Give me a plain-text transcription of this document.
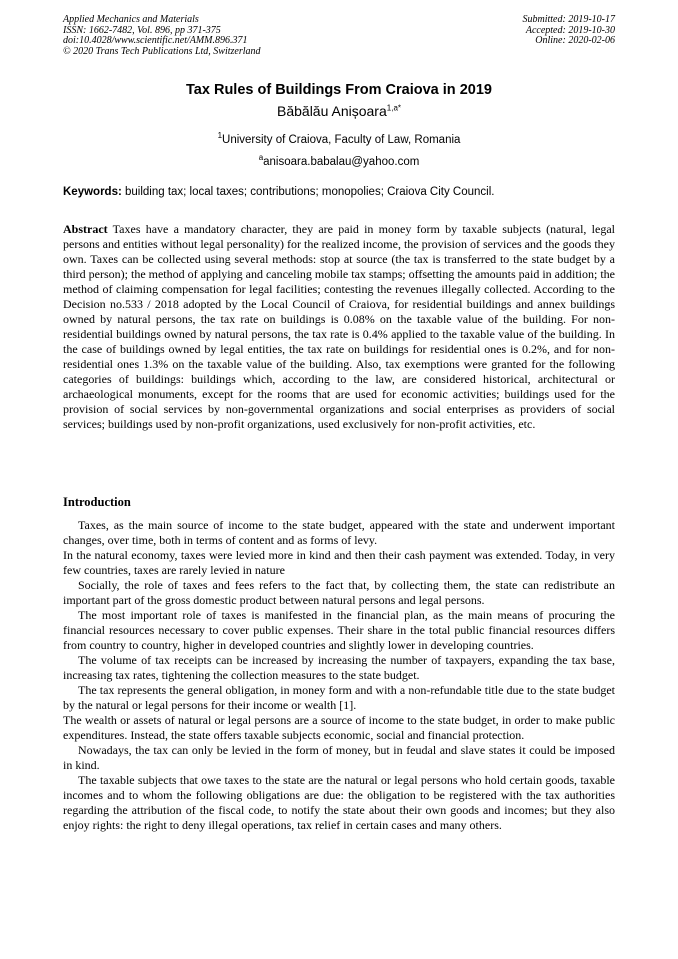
Applied Mechanics and Materials
ISSN: 1662-7482, Vol. 896, pp 371-375
doi:10.4028/www.scientific.net/AMM.896.371
© 2020 Trans Tech Publications Ltd, Switzerland
Submitted: 2019-10-17
Accepted: 2019-10-30
Online: 2020-02-06
Tax Rules of Buildings From Craiova in 2019
Băbălău Anișoara$^{1,a*}$
$^1$University of Craiova, Faculty of Law, Romania
$^a$anisoara.babalau@yahoo.com
Keywords: building tax; local taxes; contributions; monopolies; Craiova City Council.
Abstract Taxes have a mandatory character, they are paid in money form by taxable subjects (natural, legal persons and entities without legal personality) for the realized income, the provision of services and the goods they own. Taxes can be collected using several methods: stop at source (the tax is transferred to the state budget by a third person); the method of applying and canceling mobile tax stamps; offsetting the amounts paid in addition; the method of claiming compensation for legal facilities; contesting the revenues illegally collected. According to the Decision no.533 / 2018 adopted by the Local Council of Craiova, for residential buildings and annex buildings owned by natural persons, the tax rate on buildings is 0.08% on the taxable value of the building. For non-residential buildings owned by natural persons, the tax rate is 0.4% applied to the taxable value of the building. In the case of buildings owned by legal entities, the tax rate on buildings for residential ones is 0.2%, and for non-residential ones 1.3% on the taxable value of the building. Also, tax exemptions were granted for the following categories of buildings: buildings which, according to the law, are considered historical, architectural or archaeological monuments, except for the rooms that are used for economic activities; buildings used for the provision of social services by non-governmental organizations and social enterprises as providers of social services; buildings used by non-profit organizations, used exclusively for non-profit activities, etc.
Introduction

Taxes, as the main source of income to the state budget, appeared with the state and underwent important changes, over time, both in terms of content and as forms of levy.

In the natural economy, taxes were levied more in kind and then their cash payment was extended. Today, in very few countries, taxes are rarely levied in nature

Socially, the role of taxes and fees refers to the fact that, by collecting them, the state can redistribute an important part of the gross domestic product between natural persons and legal persons.

The most important role of taxes is manifested in the financial plan, as the main means of procuring the financial resources necessary to cover public expenses. Their share in the total public financial resources differs from country to country, higher in developed countries and slightly lower in developing countries.

The volume of tax receipts can be increased by increasing the number of taxpayers, expanding the tax base, increasing tax rates, tightening the collection measures to the state budget.

The tax represents the general obligation, in money form and with a non-refundable title due to the state budget by the natural or legal persons for their income or wealth [1].

The wealth or assets of natural or legal persons are a source of income to the state budget, in order to make public expenditures. Instead, the state offers taxable subjects economic, social and financial protection.

Nowadays, the tax can only be levied in the form of money, but in feudal and slave states it could be imposed in kind.

The taxable subjects that owe taxes to the state are the natural or legal persons who hold certain goods, taxable incomes and to whom the following obligations are due: the obligation to be registered with the tax authorities regarding the attribution of the fiscal code, to notify the state about their own goods and incomes; but they also enjoy rights: the right to deny illegal operations, tax relief in certain cases and many others.
